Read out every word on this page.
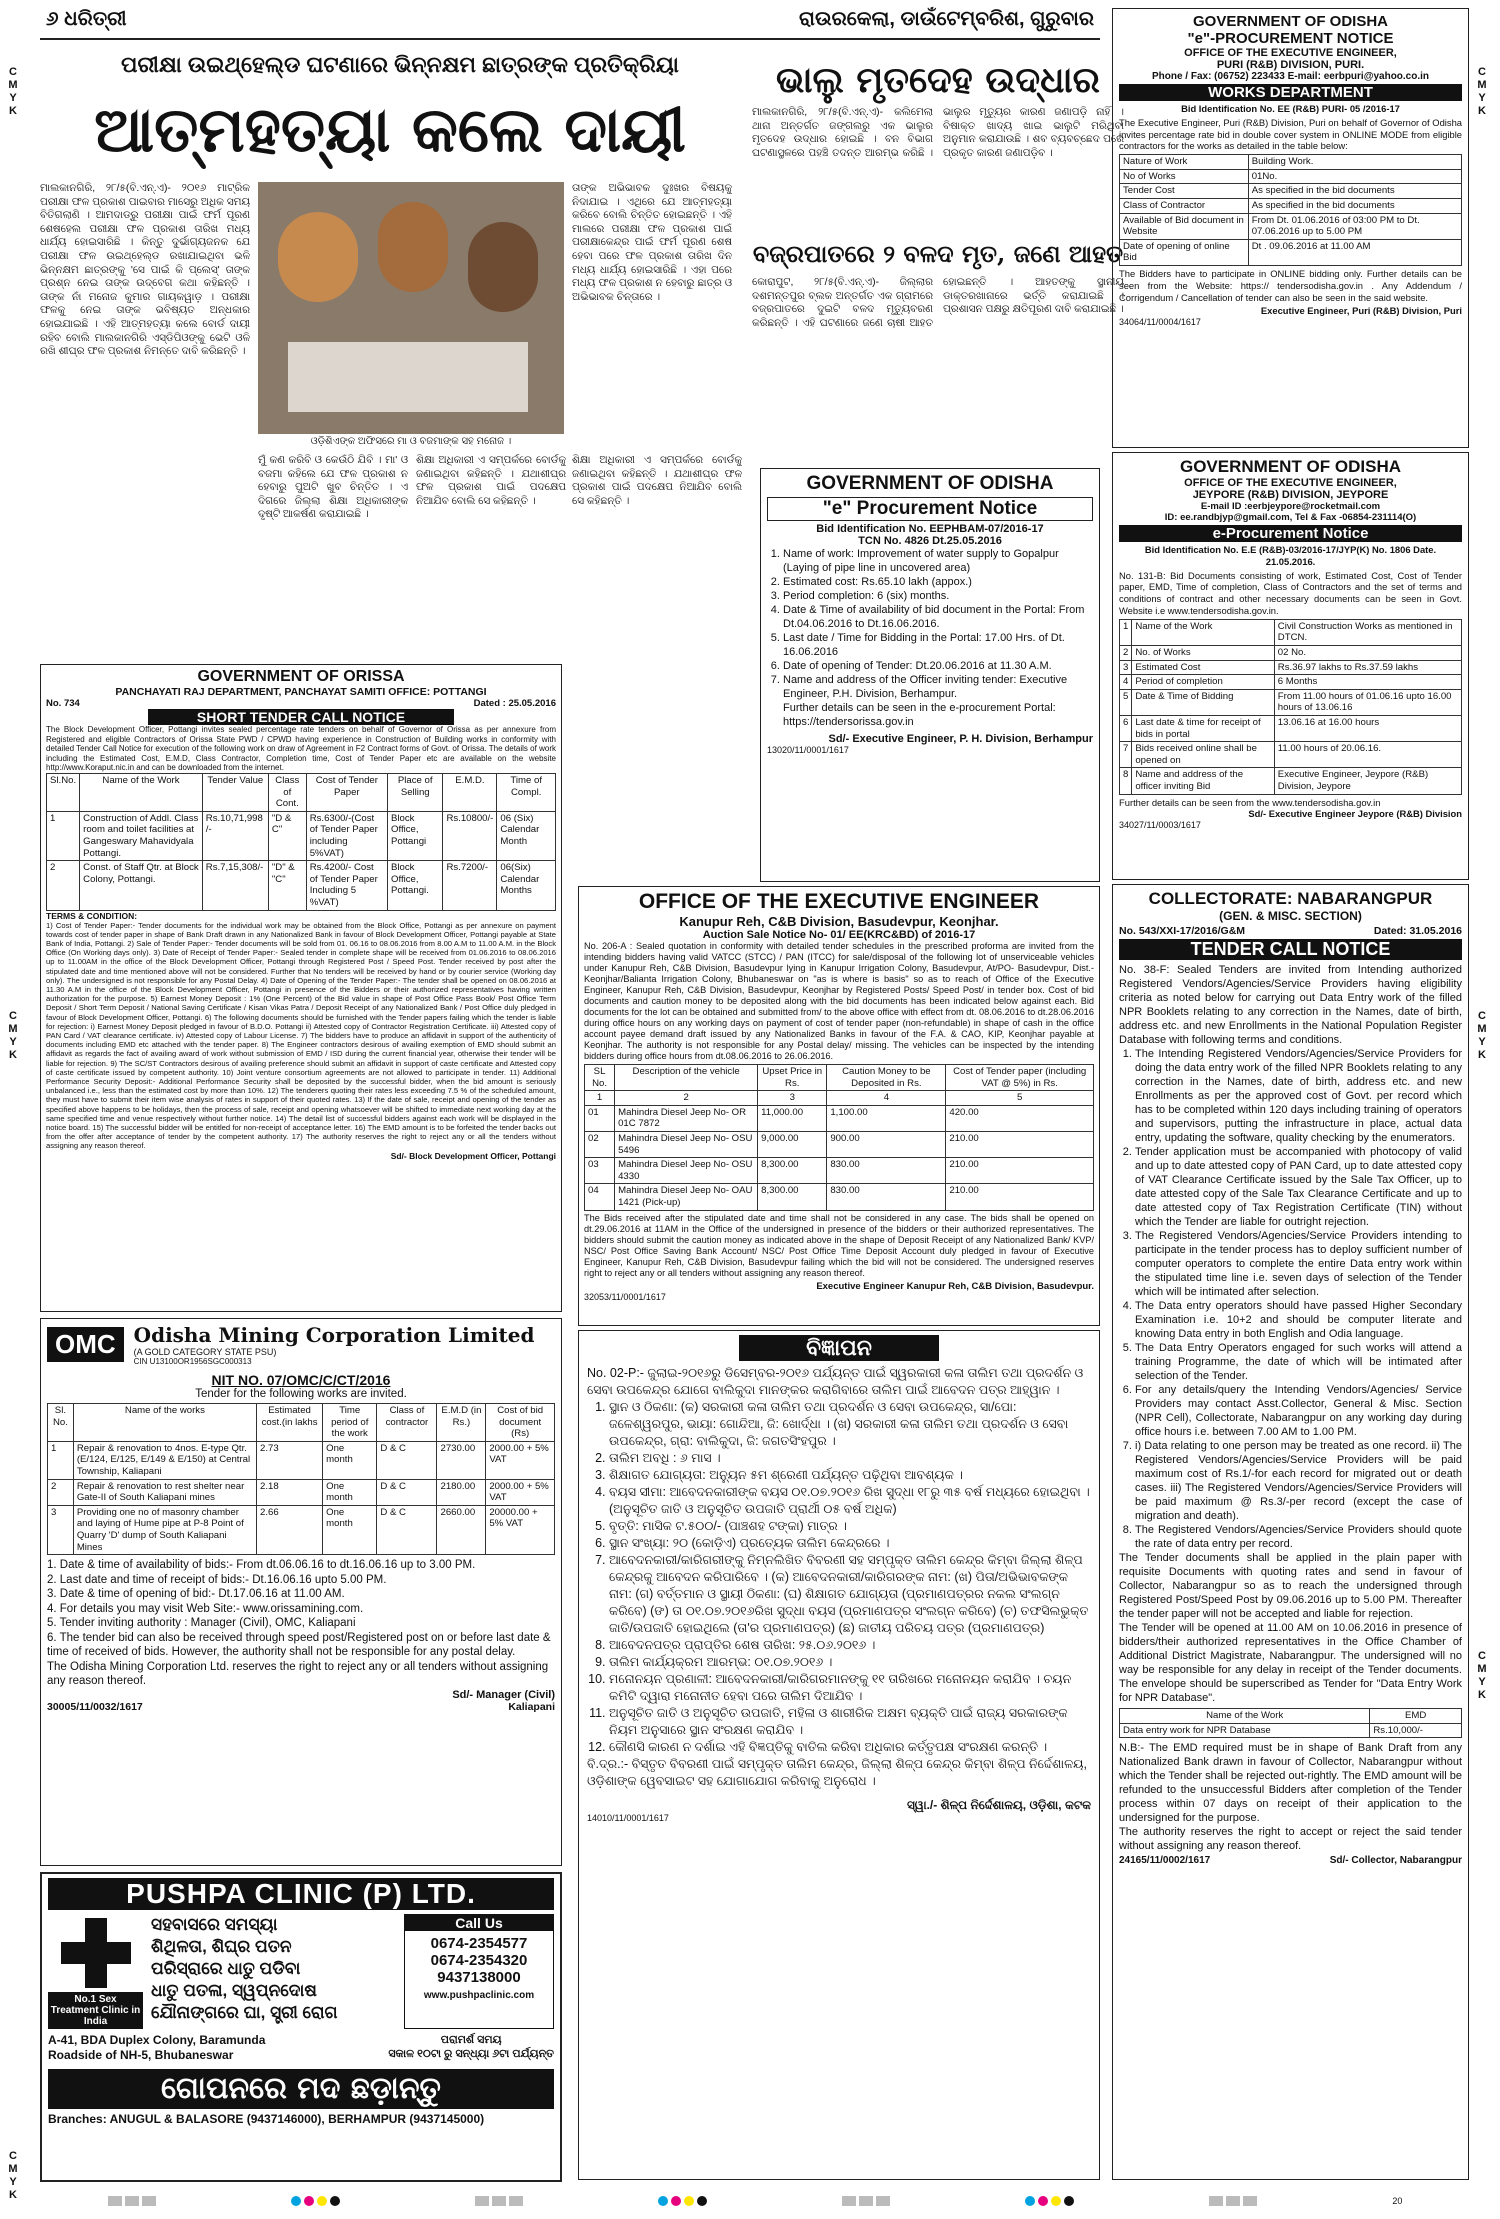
C
M
Y
K
C
M
Y
K
C
M
Y
K
C
M
Y
K
C
M
Y
K
C
M
Y
K
୬ ଧରିତ୍ରୀ	ରାଉରକେଲା, ଡାଉଁଟେମ୍ବରିଶ, ଗୁରୁବାର
ପରୀକ୍ଷା ଉଇଥ୍‌ହେଲ୍ଡ ଘଟଣାରେ ଭିନ୍ନକ୍ଷମ ଛାତ୍ରଙ୍କ ପ୍ରତିକ୍ରିୟା
ଆତ୍ମହତ୍ୟା କଲେ ଦାୟୀ
ମାଲକାନଗିରି, ୨୮/୫(ବି.ଏନ୍.ଏ)- ୨୦୧୬ ମାଟ୍ରିକ ପରୀକ୍ଷା ଫଳ ପ୍ରକାଶ ପାଇବାର ମାସେରୁ ଅଧିକ ସମୟ ବିତିଗଲାଣି । ଆମଦାଡ୍‌ରୁ ପରୀକ୍ଷା ପାଇଁ ଫର୍ମ ପୂରଣ ଶେଷହେଲ ପରୀକ୍ଷା ଫଳ ପ୍ରକାଶ ତାରିଖ ମଧ୍ୟ ଧାର୍ଯ୍ୟ ହୋଇସାରିଛି । କିନ୍ତୁ ଦୁର୍ଭାଗ୍ୟଜନକ ଯେ ପରୀକ୍ଷା ଫଳ ଉଇଥ୍‌ହେଲ୍ଡ ରଖାଯାଇଥିବା ଭଳି ଭିନ୍ନକ୍ଷମ ଛାତ୍ରଙ୍କୁ 'ସେ ପାଇଁ କି ପ୍ଲେସ୍' ତାଙ୍କ ପ୍ରଶ୍ନ ନେଇ ତାଙ୍କ ଉଦ୍‌ବେଗ କଥା କହିଛନ୍ତି । ତାଙ୍କ ନାଁ ମନୋଜ କୁମାର ଗାୟକୱାଡ଼ । ପରୀକ୍ଷା ଫଳକୁ ନେଇ ତାଙ୍କ ଭବିଷ୍ୟତ ଅନ୍ଧକାର ହୋଇଯାଇଛି । ଏହି ଆତ୍ମହତ୍ୟା କଲେ ବୋର୍ଡ ଦାୟୀ ରହିବ ବୋଲି ମାଲକାନଗିରି ଏସ୍‌ଡିପିଓଙ୍କୁ ଭେଟି ଓଳି ରଖି ଶୀଘ୍ର ଫଳ ପ୍ରକାଶ ନିମନ୍ତେ ଦାବି କରିଛନ୍ତି ।
ଓଡ଼ିଶିଏଙ୍କ ଅଫିସରେ ମା ଓ ବଜମାଙ୍କ ସହ ମନୋଜ ।
ତାଙ୍କ ଅଭିଭାବକ ଦୁଃଖର ବିଷୟକୁ ନିଦାଯାଇ । ଏଥିରେ ଯେ ଆତ୍ମହତ୍ୟା କରିବେ ବୋଲି ଚିନ୍ତିତ ହୋଇଛନ୍ତି । ଏହି ମାଲରେ ପରୀକ୍ଷା ଫଳ ପ୍ରକାଶ ପାଇଁ ପରୀକ୍ଷାକେନ୍ଦ୍ର ପାଇଁ ଫର୍ମ ପୂରଣ ଶେଷ ହେବା ପରେ ଫଳ ପ୍ରକାଶ ତାରିଖ ଦିନ ମଧ୍ୟ ଧାର୍ଯ୍ୟ ହୋଇସାରିଛି । ଏହା ପରେ ମଧ୍ୟ ଫଳ ପ୍ରକାଶ ନ ହେବାରୁ ଛାତ୍ର ଓ ଅଭିଭାବକ ଚିନ୍ତାରେ ।
ମୁଁ କଣ କରିବି ଓ କେଉଁଠି ଯିବି । ମା' ଓ ବଜମା କହିଲେ ଯେ ଫଳ ପ୍ରକାଶ ନ ହେବାରୁ ପୁଅଟି ଖୁବ ଚିନ୍ତିତ । ଏ ଦିଗରେ ଜିଲ୍ଲା ଶିକ୍ଷା ଅଧିକାରୀଙ୍କ ଦୃଷ୍ଟି ଆକର୍ଷଣ କରାଯାଇଛି ।
ଶିକ୍ଷା ଅଧିକାରୀ ଏ ସମ୍ପର୍କରେ ବୋର୍ଡକୁ ଜଣାଇଥିବା କହିଛନ୍ତି । ଯଥାଶୀଘ୍ର ଫଳ ପ୍ରକାଶ ପାଇଁ ପଦକ୍ଷେପ ନିଆଯିବ ବୋଲି ସେ କହିଛନ୍ତି ।
ଭାଲୁ ମୃତଦେହ ଉଦ୍ଧାର
ମାଲକାନଗିରି, ୨୮/୫(ବି.ଏନ୍.ଏ)- କଲିମେଲା ଥାନା ଅନ୍ତର୍ଗତ ଜଙ୍ଗଲରୁ ଏକ ଭାଲୁର ମୃତଦେହ ଉଦ୍ଧାର ହୋଇଛି । ବନ ବିଭାଗ ଘଟଣାସ୍ଥଳରେ ପହଞ୍ଚି ତଦନ୍ତ ଆରମ୍ଭ କରିଛି । ଭାଲୁର ମୃତ୍ୟୁର କାରଣ ଜଣାପଡ଼ି ନାହିଁ । ବିଷାକ୍ତ ଖାଦ୍ୟ ଖାଇ ଭାଲୁଟି ମରିଥିବା ଅନୁମାନ କରାଯାଉଛି । ଶବ ବ୍ୟବଚ୍ଛେଦ ପରେ ପ୍ରକୃତ କାରଣ ଜଣାପଡ଼ିବ ।
ବଜ୍ରପାତରେ ୨ ବଳଦ ମୃତ, ଜଣେ ଆହତ
କୋରାପୁଟ, ୨୮/୫(ବି.ଏନ୍.ଏ)- ଜିଲ୍ଲାର ଦଶମନ୍ତପୁର ବ୍ଲକ ଅନ୍ତର୍ଗତ ଏକ ଗ୍ରାମରେ ବଜ୍ରପାତରେ ଦୁଇଟି ବଳଦ ମୃତ୍ୟୁବରଣ କରିଛନ୍ତି । ଏହି ଘଟଣାରେ ଜଣେ ଚାଷୀ ଆହତ ହୋଇଛନ୍ତି । ଆହତଙ୍କୁ ସ୍ଥାନୀୟ ଡାକ୍ତରଖାନାରେ ଭର୍ତ୍ତି କରାଯାଇଛି । ପ୍ରଶାସନ ପକ୍ଷରୁ କ୍ଷତିପୂରଣ ଦାବି କରାଯାଇଛି ।
ଶିକ୍ଷା ଅଧିକାରୀ ଏ ସମ୍ପର୍କରେ ବୋର୍ଡକୁ ଜଣାଇଥିବା କହିଛନ୍ତି । ଯଥାଶୀଘ୍ର ଫଳ ପ୍ରକାଶ ପାଇଁ ପଦକ୍ଷେପ ନିଆଯିବ ବୋଲି ସେ କହିଛନ୍ତି ।
GOVERNMENT OF ODISHA
"e"-PROCUREMENT NOTICE
OFFICE OF THE EXECUTIVE ENGINEER,
PURI (R&B) DIVISION, PURI.
Phone / Fax: (06752) 223433 E-mail: eerbpuri@yahoo.co.in
WORKS DEPARTMENT
Bid Identification No. EE (R&B) PURI- 05 /2016-17
The Executive Engineer, Puri (R&B) Division, Puri on behalf of Governor of Odisha invites percentage rate bid in double cover system in ONLINE MODE from eligible contractors for the works as detailed in the table below:
Nature of Work	Building Work.
No of Works	01No.
Tender Cost	As specified in the bid documents
Class of Contractor	As specified in the bid documents
Available of Bid document in Website	From Dt. 01.06.2016 of 03:00 PM to Dt. 07.06.2016 up to 5.00 PM
Date of opening of online Bid	Dt . 09.06.2016 at 11.00 AM
The Bidders have to participate in ONLINE bidding only. Further details can be seen from the Website: https:// tendersodisha.gov.in . Any Addendum / Corrigendum / Cancellation of tender can also be seen in the said website.
Executive Engineer, Puri (R&B) Division, Puri
34064/11/0004/1617
GOVERNMENT OF ODISHA
OFFICE OF THE EXECUTIVE ENGINEER,
JEYPORE (R&B) DIVISION, JEYPORE
E-mail ID :eerbjeypore@rocketmail.com
ID: ee.randbjyp@gmail.com, Tel & Fax -06854-231114(O)
e-Procurement Notice
Bid Identification No. E.E (R&B)-03/2016-17/JYP(K) No. 1806 Date. 21.05.2016.
No. 131-B: Bid Documents consisting of work, Estimated Cost, Cost of Tender paper, EMD, Time of completion, Class of Contractors and the set of terms and conditions of contract and other necessary documents can be seen in Govt. Website i.e www.tendersodisha.gov.in.
1	Name of the Work	Civil Construction Works as mentioned in DTCN.
2	No. of Works	02 No.
3	Estimated Cost	Rs.36.97 lakhs to Rs.37.59 lakhs
4	Period of completion	6 Months
5	Date & Time of Bidding	From 11.00 hours of 01.06.16 upto 16.00 hours of 13.06.16
6	Last date & time for receipt of bids in portal	13.06.16 at 16.00 hours
7	Bids received online shall be opened on	11.00 hours of 20.06.16.
8	Name and address of the officer inviting Bid	Executive Engineer, Jeypore (R&B) Division, Jeypore
Further details can be seen from the www.tendersodisha.gov.in
Sd/- Executive Engineer Jeypore (R&B) Division
34027/11/0003/1617
COLLECTORATE: NABARANGPUR
(GEN. & MISC. SECTION)
No. 543/XXI-17/2016/G&M	Dated: 31.05.2016
TENDER CALL NOTICE
No. 38-F: Sealed Tenders are invited from Intending authorized Registered Vendors/Agencies/Service Providers having eligibility criteria as noted below for carrying out Data Entry work of the filled NPR Booklets relating to any correction in the Names, date of birth, address etc. and new Enrollments in the National Population Register Database with following terms and conditions.
1. The Intending Registered Vendors/Agencies/Service Providers for doing the data entry work of the filled NPR Booklets relating to any correction in the Names, date of birth, address etc. and new Enrollments as per the approved cost of Govt. per record which has to be completed within 120 days including training of operators and supervisors, putting the infrastructure in place, actual data entry, updating the software, quality checking by the enumerators.
2. Tender application must be accompanied with photocopy of valid and up to date attested copy of PAN Card, up to date attested copy of VAT Clearance Certificate issued by the Sale Tax Officer, up to date attested copy of the Sale Tax Clearance Certificate and up to date attested copy of Tax Registration Certificate (TIN) without which the Tender are liable for outright rejection.
3. The Registered Vendors/Agencies/Service Providers intending to participate in the tender process has to deploy sufficient number of computer operators to complete the entire Data entry work within the stipulated time line i.e. seven days of selection of the Tender which will be intimated after selection.
4. The Data entry operators should have passed Higher Secondary Examination i.e. 10+2 and should be computer literate and knowing Data entry in both English and Odia language.
5. The Data Entry Operators engaged for such works will attend a training Programme, the date of which will be intimated after selection of the Tender.
6. For any details/query the Intending Vendors/Agencies/ Service Providers may contact Asst.Collector, General & Misc. Section (NPR Cell), Collectorate, Nabarangpur on any working day during office hours i.e. between 7.00 AM to 1.00 PM.
7. i) Data relating to one person may be treated as one record. ii) The Registered Vendors/Agencies/Service Providers will be paid maximum cost of Rs.1/-for each record for migrated out or death cases. iii) The Registered Vendors/Agencies/Service Providers will be paid maximum @ Rs.3/-per record (except the case of migration and death).
8. The Registered Vendors/Agencies/Service Providers should quote the rate of data entry per record.
The Tender documents shall be applied in the plain paper with requisite Documents with quoting rates and send in favour of Collector, Nabarangpur so as to reach the undersigned through Registered Post/Speed Post by 09.06.2016 up to 5.00 PM. Thereafter the tender paper will not be accepted and liable for rejection.
The Tender will be opened at 11.00 AM on 10.06.2016 in presence of bidders/their authorized representatives in the Office Chamber of Additional District Magistrate, Nabarangpur. The undersigned will no way be responsible for any delay in receipt of the Tender documents. The envelope should be superscribed as Tender for "Data Entry Work for NPR Database".
Name of the Work	EMD
Data entry work for NPR Database	Rs.10,000/-
N.B:- The EMD required must be in shape of Bank Draft from any Nationalized Bank drawn in favour of Collector, Nabarangpur without which the Tender shall be rejected out-rightly. The EMD amount will be refunded to the unsuccessful Bidders after completion of the Tender process within 07 days on receipt of their application to the undersigned for the purpose.
The authority reserves the right to accept or reject the said tender without assigning any reason thereof.
24165/11/0002/1617	Sd/- Collector, Nabarangpur
GOVERNMENT OF ORISSA
PANCHAYATI RAJ DEPARTMENT, PANCHAYAT SAMITI OFFICE: POTTANGI
No. 734	Dated : 25.05.2016
SHORT TENDER CALL NOTICE
The Block Development Officer, Pottangi invites sealed percentage rate tenders on behalf of Governor of Orissa as per annexure from Registered and eligible Contractors of Orissa State PWD / CPWD having experience in Construction of Building works in conformity with detailed Tender Call Notice for execution of the following work on draw of Agreement in F2 Contract forms of Govt. of Orissa. The details of work including the Estimated Cost, E.M.D, Class Contractor, Completion time, Cost of Tender Paper etc are available on the website http://www.Koraput.nic.in and can be downloaded from the internet.
Sl.No.	Name of the Work	Tender Value	Class of Cont.	Cost of Tender Paper	Place of Selling	E.M.D.	Time of Compl.
1	Construction of Addl. Class room and toilet facilities at Gangeswary Mahavidyala Pottangi.	Rs.10,71,998 /-	"D & C"	Rs.6300/-(Cost of Tender Paper including 5%VAT)	Block Office, Pottangi	Rs.10800/-	06 (Six) Calendar Month
2	Const. of Staff Qtr. at Block Colony, Pottangi.	Rs.7,15,308/-	"D" & "C"	Rs.4200/- Cost of Tender Paper Including 5 %VAT)	Block Office, Pottangi.	Rs.7200/-	06(Six) Calendar Months
TERMS & CONDITION:
1) Cost of Tender Paper:- Tender documents for the individual work may be obtained from the Block Office, Pottangi as per annexure on payment towards cost of tender paper in shape of Bank Draft drawn in any Nationalized Bank in favour of Block Development Officer, Pottangi payable at State Bank of India, Pottangi. 2) Sale of Tender Paper:- Tender documents will be sold from 01. 06.16 to 08.06.2016 from 8.00 A.M to 11.00 A.M. in the Block Office (On Working days only). 3) Date of Receipt of Tender Paper:- Sealed tender in complete shape will be received from 01.06.2016 to 08.06.2016 up to 11.00AM in the office of the Block Development Officer, Pottangi through Registered Post / Speed Post. Tender received by post after the stipulated date and time mentioned above will not be considered. Further that No tenders will be received by hand or by courier service (Working day only). The undersigned is not responsible for any Postal Delay. 4) Date of Opening of the Tender Paper:- The tender shall be opened on 08.06.2016 at 11.30 A.M in the office of the Block Development Officer, Pottangi in presence of the Bidders or their authorized representatives having written authorization for the purpose. 5) Earnest Money Deposit : 1% (One Percent) of the Bid value in shape of Post Office Pass Book/ Post Office Term Deposit / Short Term Deposit / National Saving Certificate / Kisan Vikas Patra / Deposit Receipt of any Nationalized Bank / Post Office duly pledged in favour of Block Development Officer, Pottangi. 6) The following documents should be furnished with the Tender papers failing which the tender is liable for rejection: i) Earnest Money Deposit pledged in favour of B.D.O. Pottangi ii) Attested copy of Contractor Registration Certificate. iii) Attested copy of PAN Card / VAT clearance certificate. iv) Attested copy of Labour License. 7) The bidders have to produce an affidavit in support of the authenticity of documents including EMD etc attached with the tender paper. 8) The Engineer contractors desirous of availing exemption of EMD should submit an affidavit as regards the fact of availing award of work without submission of EMD / ISD during the current financial year, otherwise their tender will be liable for rejection. 9) The SC/ST Contractors desirous of availing preference should submit an affidavit in support of caste certificate and Attested copy of caste certificate issued by competent authority. 10) Joint venture consortium agreements are not allowed to participate in tender. 11) Additional Performance Security Deposit:- Additional Performance Security shall be deposited by the successful bidder, when the bid amount is seriously unbalanced i.e., less than the estimated cost by more than 10%. 12) The tenderers quoting their rates less exceeding 7.5 % of the scheduled amount, they must have to submit their item wise analysis of rates in support of their quoted rates. 13) If the date of sale, receipt and opening of the tender as specified above happens to be holidays, then the process of sale, receipt and opening whatsoever will be shifted to immediate next working day at the same specified time and venue respectively without further notice. 14) The detail list of successful bidders against each work will be displayed in the notice board. 15) The successful bidder will be entitled for non-receipt of acceptance letter. 16) The EMD amount is to be forfeited the tender backs out from the offer after acceptance of tender by the competent authority. 17) The authority reserves the right to reject any or all the tenders without assigning any reason thereof.
Sd/- Block Development Officer, Pottangi
GOVERNMENT OF ODISHA
"e" Procurement Notice
Bid Identification No. EEPHBAM-07/2016-17
TCN No. 4826 Dt.25.05.2016
1. Name of work: Improvement of water supply to Gopalpur (Laying of pipe line in uncovered area)
2. Estimated cost: Rs.65.10 lakh (appox.)
3. Period completion: 6 (six) months.
4. Date & Time of availability of bid document in the Portal: From Dt.04.06.2016 to Dt.16.06.2016.
5. Last date / Time for Bidding in the Portal: 17.00 Hrs. of Dt. 16.06.2016
6. Date of opening of Tender: Dt.20.06.2016 at 11.30 A.M.
7. Name and address of the Officer inviting tender: Executive Engineer, P.H. Division, Berhampur.
Further details can be seen in the e-procurement Portal: https://tendersorissa.gov.in
Sd/- Executive Engineer, P. H. Division, Berhampur
13020/11/0001/1617
OFFICE OF THE EXECUTIVE ENGINEER
Kanupur Reh, C&B Division, Basudevpur, Keonjhar.
Auction Sale Notice No- 01/ EE(KRC&BD) of 2016-17
No. 206-A : Sealed quotation in conformity with detailed tender schedules in the prescribed proforma are invited from the intending bidders having valid VATCC (STCC) / PAN (ITCC) for sale/disposal of the following lot of unserviceable vehicles under Kanupur Reh, C&B Division, Basudevpur lying in Kanupur Irrigation Colony, Basudevpur, At/PO- Basudevpur, Dist.- Keonjhar/Balianta Irrigation Colony, Bhubaneswar on "as is where is basis" so as to reach of Office of the Executive Engineer, Kanupur Reh, C&B Division, Basudevpur, Keonjhar by Registered Posts/ Speed Post/ in tender box. Cost of bid documents and caution money to be deposited along with the bid documents has been indicated below against each. Bid documents for the lot can be obtained and submitted from/ to the above office with effect from dt. 08.06.2016 to dt.28.06.2016 during office hours on any working days on payment of cost of tender paper (non-refundable) in shape of cash in the office account payee demand draft issued by any Nationalized Banks in favour of the F.A. & CAO, KIP, Keonjhar payable at Keonjhar. The authority is not responsible for any Postal delay/ missing. The vehicles can be inspected by the intending bidders during office hours from dt.08.06.2016 to 26.06.2016.
SL No.	Description of the vehicle	Upset Price in Rs.	Caution Money to be Deposited in Rs.	Cost of Tender paper (including VAT @ 5%) in Rs.
1	2	3	4	5
01	Mahindra Diesel Jeep No- OR 01C 7872	11,000.00	1,100.00	420.00
02	Mahindra Diesel Jeep No- OSU 5496	9,000.00	900.00	210.00
03	Mahindra Diesel Jeep No- OSU 4330	8,300.00	830.00	210.00
04	Mahindra Diesel Jeep No- OAU 1421 (Pick-up)	8,300.00	830.00	210.00
The Bids received after the stipulated date and time shall not be considered in any case. The bids shall be opened on dt.29.06.2016 at 11AM in the Office of the undersigned in presence of the bidders or their authorized representatives. The bidders should submit the caution money as indicated above in the shape of Deposit Receipt of any Nationalized Bank/ KVP/ NSC/ Post Office Saving Bank Account/ NSC/ Post Office Time Deposit Account duly pledged in favour of Executive Engineer, Kanupur Reh, C&B Division, Basudevpur failing which the bid will not be considered. The undersigned reserves right to reject any or all tenders without assigning any reason thereof.
Executive Engineer Kanupur Reh, C&B Division, Basudevpur.
32053/11/0001/1617
ବିଜ୍ଞାପନ
No. 02-P:- ଜୁଲାଇ-୨୦୧୬ରୁ ଡିସେମ୍ବର-୨୦୧୬ ପର୍ଯ୍ୟନ୍ତ ପାଇଁ ସ୍ୱରକାରୀ କଳା ତାଲିମ ତଥା ପ୍ରଦର୍ଶନ ଓ ସେବା ଉପକେନ୍ଦ୍ର ଯୋଗେ ବାଲିକୁଦା ମାନଙ୍କର କରାଗିବାରେ ତାଲିମ ପାଇଁ ଆବେଦନ ପତ୍ର ଆହ୍ୱାନ ।
1. ସ୍ଥାନ ଓ ଠିକଣା: (କ) ସରକାରୀ କଳା ତାଲିମ ତଥା ପ୍ରଦର୍ଶନ ଓ ସେବା ଉପକେନ୍ଦ୍ର, ସା/ପୋ: ଜଳେଶ୍ୱରପୁର, ଭାୟା: ଗୋନ୍ଦିଆ, ଜି: ଖୋର୍ଦ୍ଧା । (ଖ) ସରକାରୀ କଳା ତାଲିମ ତଥା ପ୍ରଦର୍ଶନ ଓ ସେବା ଉପକେନ୍ଦ୍ର, ଗ୍ରା: ବାଲିକୁଦା, ଜି: ଜଗତସିଂହପୁର ।
2. ତାଲିମ ଅବଧି : ୬ ମାସ ।
3. ଶିକ୍ଷାଗତ ଯୋଗ୍ୟତା: ଅନ୍ୟୁନ ୫ମ ଶ୍ରେଣୀ ପର୍ଯ୍ୟନ୍ତ ପଢ଼ିଥିବା ଆବଶ୍ୟକ ।
4. ବୟସ ସୀମା: ଆବେଦନକାରୀଙ୍କ ବୟସ ୦୧.୦୭.୨୦୧୬ ରିଖ ସୁଦ୍ଧା ୧୮ରୁ ୩୫ ବର୍ଷ ମଧ୍ୟରେ ହୋଇଥିବା । (ଅନୁସୂଚିତ ଜାତି ଓ ଅନୁସୂଚିତ ଉପଜାତି ପ୍ରାର୍ଥୀ ୦୫ ବର୍ଷ ଅଧିକ)
5. ବୃତ୍ତି: ମାସିକ ଟ.୫୦୦/- (ପାଞ୍ଚଶହ ଟଙ୍କା) ମାତ୍ର ।
6. ସ୍ଥାନ ସଂଖ୍ୟା: ୨୦ (କୋଡ଼ିଏ) ପ୍ରତ୍ୟେକ ତାଲିମ କେନ୍ଦ୍ରରେ ।
7. ଆବେଦନକାରୀ/କାରିଗରୀଙ୍କୁ ନିମ୍ନଲିଖିତ ବିବରଣୀ ସହ ସମ୍ପୃକ୍ତ ତାଲିମ କେନ୍ଦ୍ର କିମ୍ବା ଜିଲ୍ଲା ଶିଳ୍ପ କେନ୍ଦ୍ରକୁ ଆବେଦନ କରିପାରିବେ । (କ) ଆବେଦନକାରୀ/କାରିଗରଙ୍କ ନାମ: (ଖ) ପିତା/ଅଭିଭାବକଙ୍କ ନାମ: (ଗ) ବର୍ତ୍ତମାନ ଓ ସ୍ଥାୟୀ ଠିକଣା: (ଘ) ଶିକ୍ଷାଗତ ଯୋଗ୍ୟତା (ପ୍ରମାଣପତ୍ରର ନକଲ ସଂଲଗ୍ନ କରିବେ) (ଙ) ତା ୦୧.୦୭.୨୦୧୬ରିଖ ସୁଦ୍ଧା ବୟସ (ପ୍ରମାଣପତ୍ର ସଂଲଗ୍ନ କରିବେ) (ଚ) ତଫସିଲଭୁକ୍ତ ଜାତି/ଉପଜାତି ହୋଇଥିଲେ (ତା'ର ପ୍ରମାଣପତ୍ର) (ଛ) ଜାତୀୟ ପରିଚୟ ପତ୍ର (ପ୍ରମାଣପତ୍ର)
8. ଆବେଦନପତ୍ର ପ୍ରାପ୍ତିର ଶେଷ ତାରିଖ: ୨୫.୦୬.୨୦୧୬ ।
9. ତାଲିମ କାର୍ଯ୍ୟକ୍ରମ ଆରମ୍ଭ: ୦୧.୦୭.୨୦୧୬ ।
10. ମନୋନୟନ ପ୍ରଣାଳୀ: ଆବେଦନକାରୀ/କାରିଗରମାନଙ୍କୁ ୧୧ ତାରିଖରେ ମନୋନୟନ କରାଯିବ । ଚୟନ କମିଟି ଦ୍ୱାରା ମନୋନୀତ ହେବା ପରେ ତାଲିମ ଦିଆଯିବ ।
11. ଅନୁସୂଚିତ ଜାତି ଓ ଅନୁସୂଚିତ ଉପଜାତି, ମହିଳା ଓ ଶାରୀରିକ ଅକ୍ଷମ ବ୍ୟକ୍ତି ପାଇଁ ରାଜ୍ୟ ସରକାରଙ୍କ ନିୟମ ଅନୁସାରେ ସ୍ଥାନ ସଂରକ୍ଷଣ କରାଯିବ ।
12. କୌଣସି କାରଣ ନ ଦର୍ଶାଇ ଏହି ବିଜ୍ଞପ୍ତିକୁ ବାତିଲ କରିବା ଅଧିକାର କର୍ତ୍ତୃପକ୍ଷ ସଂରକ୍ଷଣ କରନ୍ତି ।
ବି.ଦ୍ର.:- ବିସ୍ତୃତ ବିବରଣୀ ପାଇଁ ସମ୍ପୃକ୍ତ ତାଲିମ କେନ୍ଦ୍ର, ଜିଲ୍ଲା ଶିଳ୍ପ କେନ୍ଦ୍ର କିମ୍ବା ଶିଳ୍ପ ନିର୍ଦ୍ଦେଶାଳୟ, ଓଡ଼ିଶାଙ୍କ ୱେବସାଇଟ ସହ ଯୋଗାଯୋଗ କରିବାକୁ ଅନୁରୋଧ ।
ସ୍ୱା./- ଶିଳ୍ପ ନିର୍ଦ୍ଦେଶାଳୟ, ଓଡ଼ିଶା, କଟକ
14010/11/0001/1617
OMC Odisha Mining Corporation Limited
(A GOLD CATEGORY STATE PSU)
CIN U13100OR1956SGC000313
NIT NO. 07/OMC/C/CT/2016
Tender for the following works are invited.
Sl. No.	Name of the works	Estimated cost.(in lakhs	Time period of the work	Class of contractor	E.M.D (in Rs.)	Cost of bid document (Rs)
1	Repair & renovation to 4nos. E-type Qtr. (E/124, E/125, E/149 & E/150) at Central Township, Kaliapani	2.73	One month	D & C	2730.00	2000.00 + 5% VAT
2	Repair & renovation to rest shelter near Gate-II of South Kaliapani mines	2.18	One month	D & C	2180.00	2000.00 + 5% VAT
3	Providing one no of masonry chamber and laying of Hume pipe at P-8 Point of Quarry 'D' dump of South Kaliapani Mines	2.66	One month	D & C	2660.00	20000.00 + 5% VAT
1. Date & time of availability of bids:- From dt.06.06.16 to dt.16.06.16 up to 3.00 PM.
2. Last date and time of receipt of bids:- Dt.16.06.16 upto 5.00 PM.
3. Date & time of opening of bid:- Dt.17.06.16 at 11.00 AM.
4. For details you may visit Web Site:- www.orissamining.com.
5. Tender inviting authority : Manager (Civil), OMC, Kaliapani
6. The tender bid can also be received through speed post/Registered post on or before last date & time of received of bids. However, the authority shall not be responsible for any postal delay.
The Odisha Mining Corporation Ltd. reserves the right to reject any or all tenders without assigning any reason thereof.
Sd/- Manager (Civil)
30005/11/0032/1617	Kaliapani
PUSHPA CLINIC (P) LTD.
No.1 Sex Treatment Clinic in India
ସହବାସରେ ସମସ୍ୟା
ଶିଥିଳତା, ଶିଘ୍ର ପତନ
ପରିସ୍ରାରେ ଧାତୁ ପଡିବା
ଧାତୁ ପତଳା, ସ୍ୱପ୍ନଦୋଷ
ଯୌନାଙ୍ଗରେ ଘା, ସ୍ତ୍ରୀ ରୋଗ
Call Us
0674-2354577
0674-2354320
9437138000
www.pushpaclinic.com
A-41, BDA Duplex Colony, Baramunda
Roadside of NH-5, Bhubaneswar
ପରାମର୍ଶ ସମୟ
ସକାଳ ୧୦ଟା ରୁ ସନ୍ଧ୍ୟା ୬ଟା ପର୍ଯ୍ୟନ୍ତ
ଗୋପନରେ ମଦ ଛଡ଼ାନ୍ତୁ
Branches: ANUGUL & BALASORE (9437146000), BERHAMPUR (9437145000)
20
